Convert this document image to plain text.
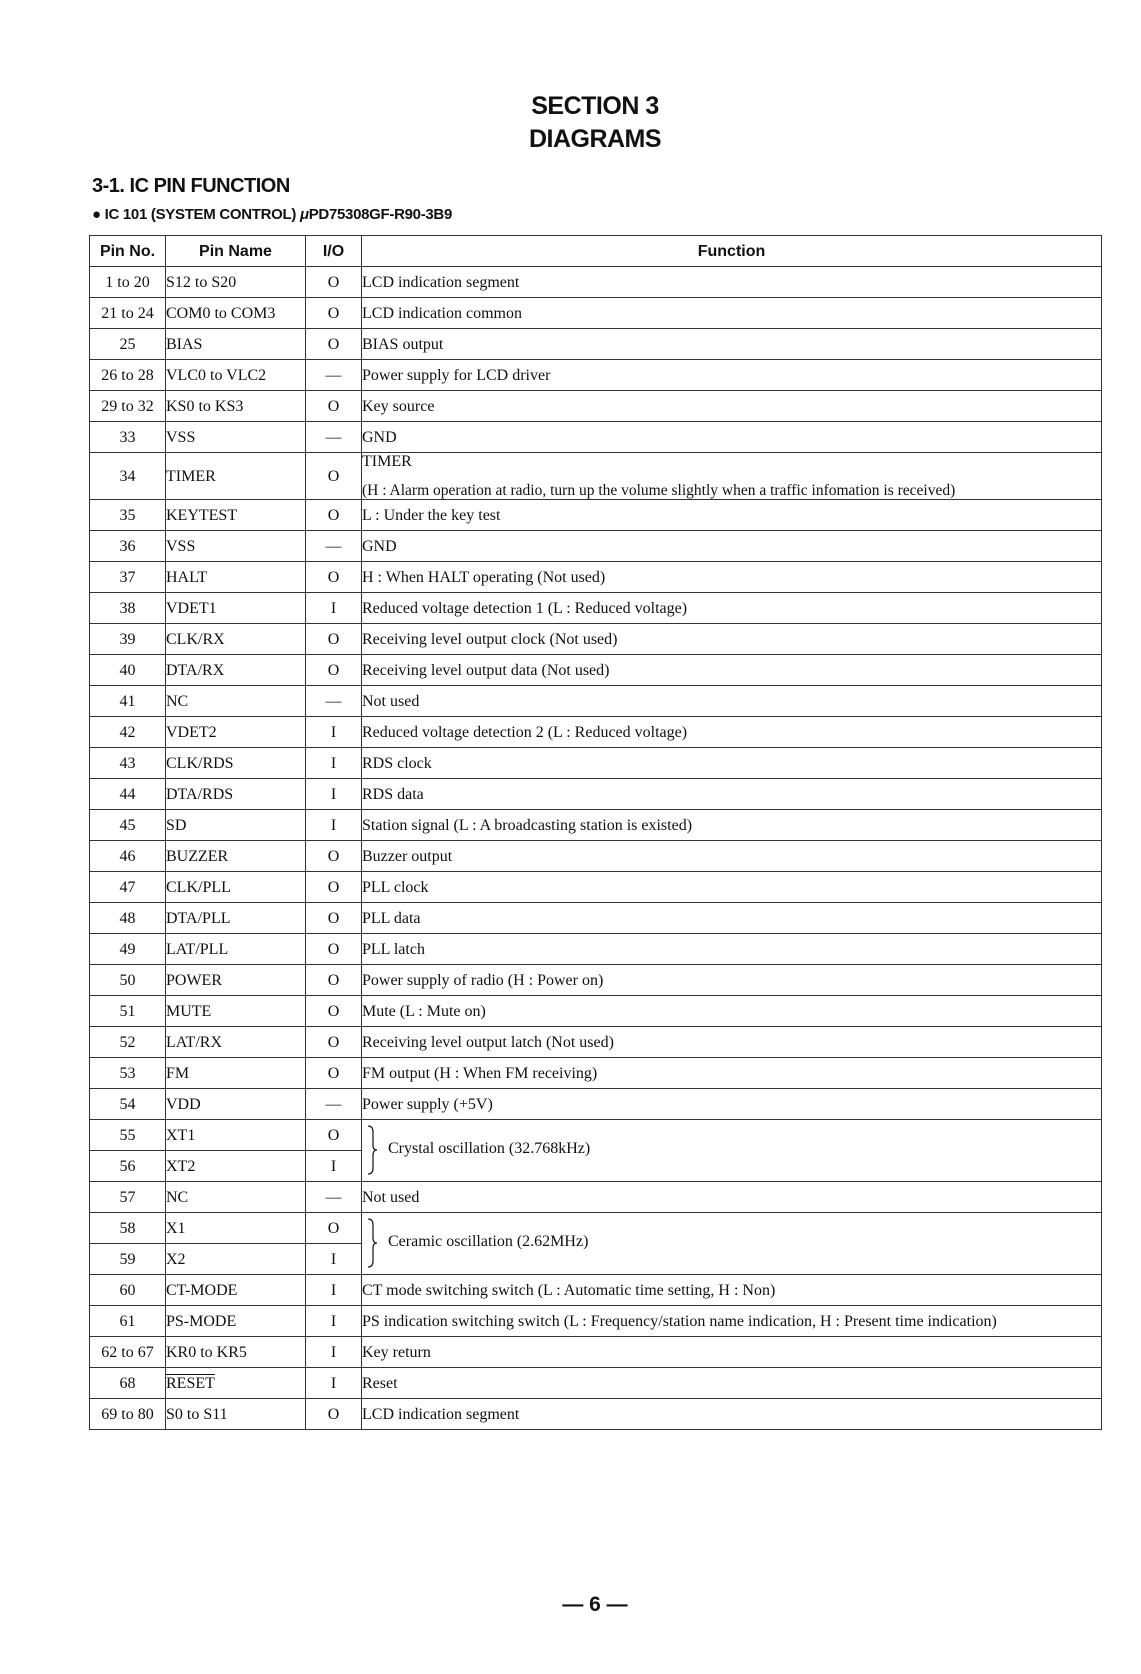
SECTION 3
DIAGRAMS
3-1. IC PIN FUNCTION
● IC 101 (SYSTEM CONTROL) μPD75308GF-R90-3B9
Pin No.	Pin Name	I/O	Function
1 to 20	S12 to S20	O	LCD indication segment
21 to 24	COM0 to COM3	O	LCD indication common
25	BIAS	O	BIAS output
26 to 28	VLC0 to VLC2	—	Power supply for LCD driver
29 to 32	KS0 to KS3	O	Key source
33	VSS	—	GND
34	TIMER	O	TIMER
(H : Alarm operation at radio, turn up the volume slightly when a traffic infomation is received)

35	KEYTEST	O	L : Under the key test
36	VSS	—	GND
37	HALT	O	H : When HALT operating (Not used)
38	VDET1	I	Reduced voltage detection 1 (L : Reduced voltage)
39	CLK/RX	O	Receiving level output clock (Not used)
40	DTA/RX	O	Receiving level output data (Not used)
41	NC	—	Not used
42	VDET2	I	Reduced voltage detection 2 (L : Reduced voltage)
43	CLK/RDS	I	RDS clock
44	DTA/RDS	I	RDS data
45	SD	I	Station signal (L : A broadcasting station is existed)
46	BUZZER	O	Buzzer output
47	CLK/PLL	O	PLL clock
48	DTA/PLL	O	PLL data
49	LAT/PLL	O	PLL latch
50	POWER	O	Power supply of radio (H : Power on)
51	MUTE	O	Mute (L : Mute on)
52	LAT/RX	O	Receiving level output latch (Not used)
53	FM	O	FM output (H : When FM receiving)
54	VDD	—	Power supply (+5V)
55	XT1	O	Crystal oscillation (32.768kHz)

56	XT2	I	
57	NC	—	Not used
58	X1	O	Ceramic oscillation (2.62MHz)

59	X2	I	
60	CT-MODE	I	CT mode switching switch (L : Automatic time setting, H : Non)
61	PS-MODE	I	PS indication switching switch (L : Frequency/station name indication, H : Present time indication)
62 to 67	KR0 to KR5	I	Key return
68	RESET	I	Reset
69 to 80	S0 to S11	O	LCD indication segment
— 6 —
